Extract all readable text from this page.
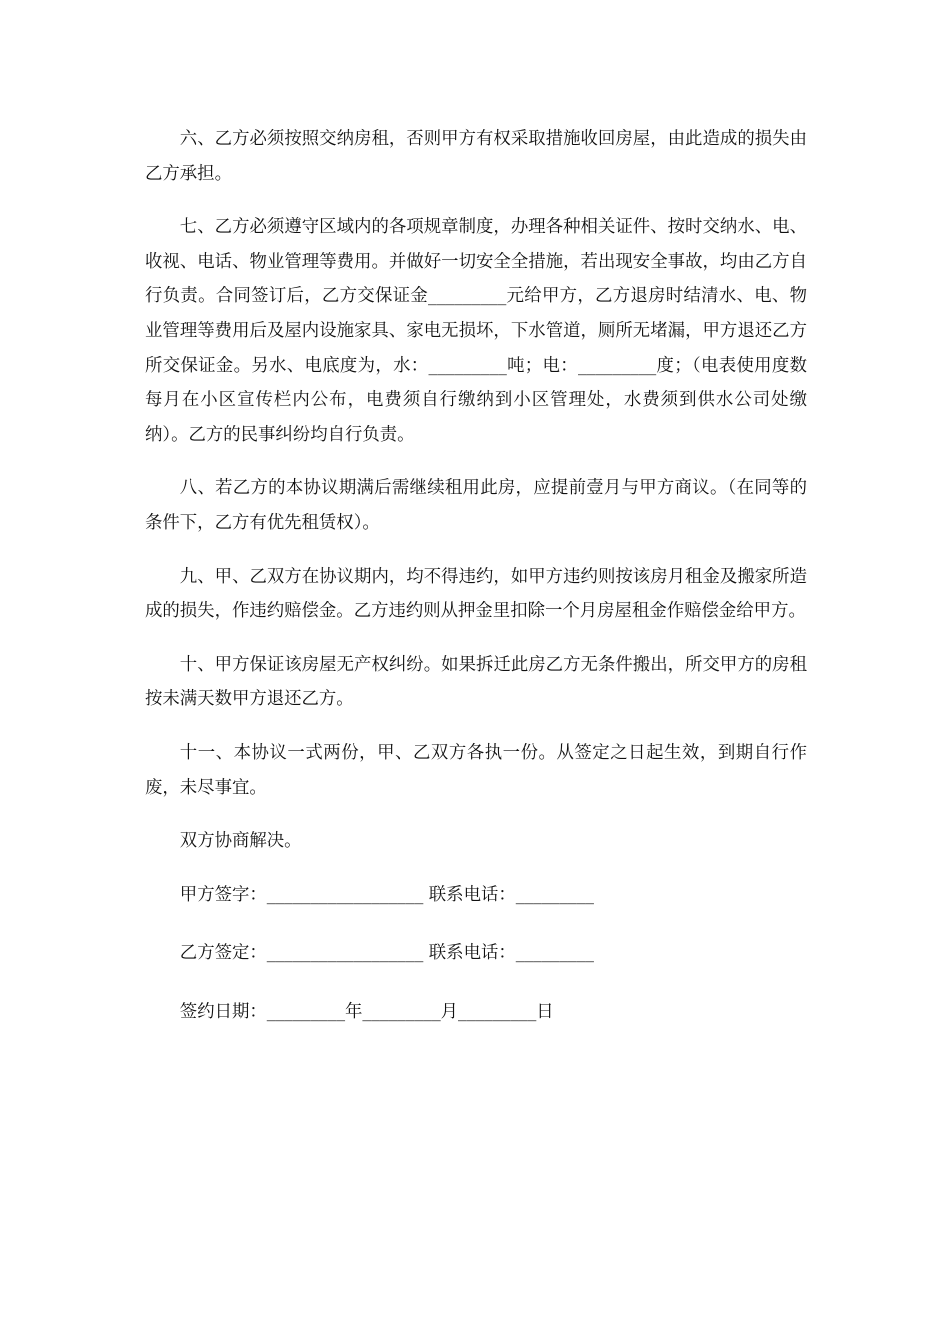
六、乙方必须按照交纳房租，否则甲方有权采取措施收回房屋，由此造成的损失由乙方承担。

七、乙方必须遵守区域内的各项规章制度，办理各种相关证件、按时交纳水、电、收视、电话、物业管理等费用。并做好一切安全全措施，若出现安全事故，均由乙方自行负责。合同签订后，乙方交保证金_________元给甲方，乙方退房时结清水、电、物业管理等费用后及屋内设施家具、家电无损坏，下水管道，厕所无堵漏，甲方退还乙方所交保证金。另水、电底度为，水：_________吨；电：_________度；（电表使用度数每月在小区宣传栏内公布，电费须自行缴纳到小区管理处，水费须到供水公司处缴纳）。乙方的民事纠纷均自行负责。

八、若乙方的本协议期满后需继续租用此房，应提前壹月与甲方商议。（在同等的条件下，乙方有优先租赁权）。

九、甲、乙双方在协议期内，均不得违约，如甲方违约则按该房月租金及搬家所造成的损失，作违约赔偿金。乙方违约则从押金里扣除一个月房屋租金作赔偿金给甲方。

十、甲方保证该房屋无产权纠纷。如果拆迁此房乙方无条件搬出，所交甲方的房租按未满天数甲方退还乙方。

十一、本协议一式两份，甲、乙双方各执一份。从签定之日起生效，到期自行作废，未尽事宜。

双方协商解决。

甲方签字：__________________ 联系电话：_________

乙方签定：__________________ 联系电话：_________

签约日期：_________年_________月_________日
